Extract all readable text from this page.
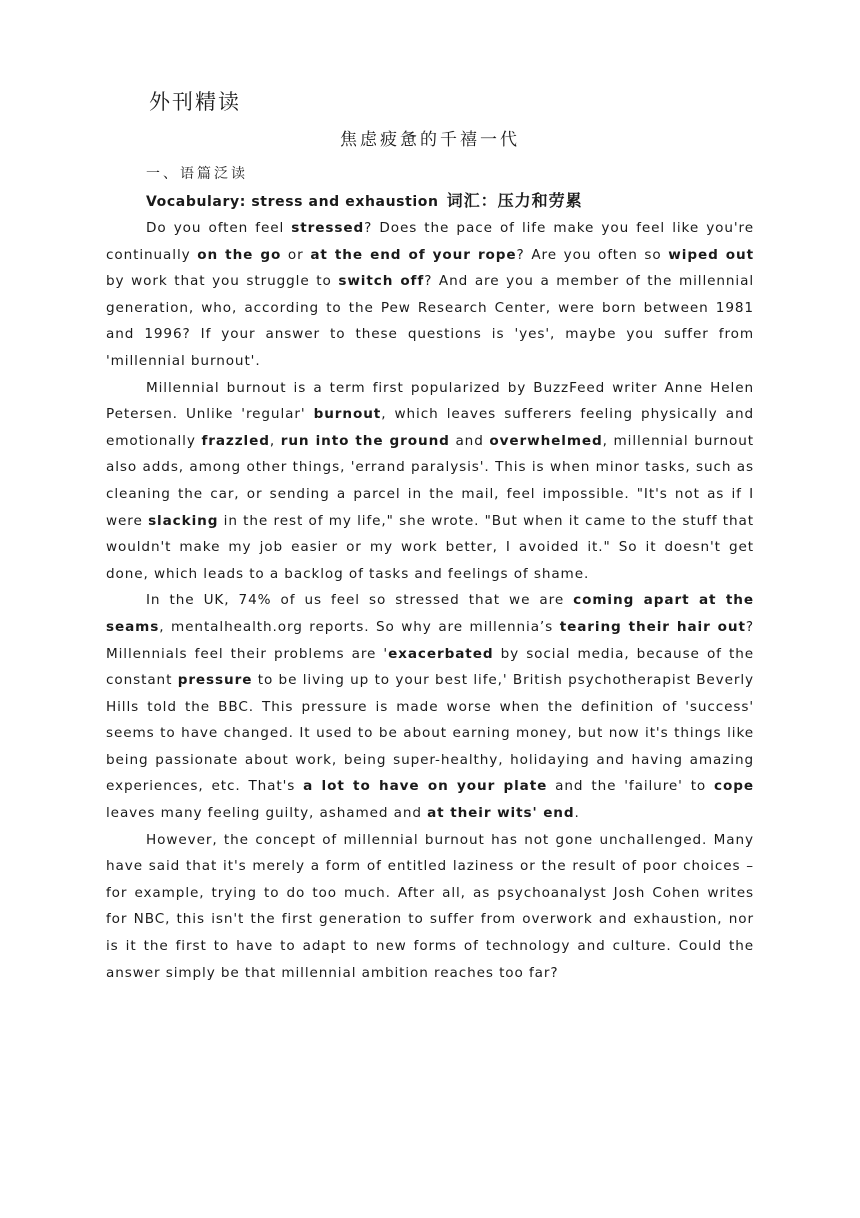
外刊精读
焦虑疲惫的千禧一代
一、语篇泛读
Vocabulary: stress and exhaustion 词汇：压力和劳累

Do you often feel stressed? Does the pace of life make you feel like you're continually on the go or at the end of your rope? Are you often so wiped out by work that you struggle to switch off? And are you a member of the millennial generation, who, according to the Pew Research Center, were born between 1981 and 1996? If your answer to these questions is 'yes', maybe you suffer from 'millennial burnout'.

Millennial burnout is a term first popularized by BuzzFeed writer Anne Helen Petersen. Unlike 'regular' burnout, which leaves sufferers feeling physically and emotionally frazzled, run into the ground and overwhelmed, millennial burnout also adds, among other things, 'errand paralysis'. This is when minor tasks, such as cleaning the car, or sending a parcel in the mail, feel impossible. "It's not as if I were slacking in the rest of my life," she wrote. "But when it came to the stuff that wouldn't make my job easier or my work better, I avoided it." So it doesn't get done, which leads to a backlog of tasks and feelings of shame.

In the UK, 74% of us feel so stressed that we are coming apart at the seams, mentalhealth.org reports. So why are millennia’s tearing their hair out? Millennials feel their problems are 'exacerbated by social media, because of the constant pressure to be living up to your best life,' British psychotherapist Beverly Hills told the BBC. This pressure is made worse when the definition of 'success' seems to have changed. It used to be about earning money, but now it's things like being passionate about work, being super-healthy, holidaying and having amazing experiences, etc. That's a lot to have on your plate and the 'failure' to cope leaves many feeling guilty, ashamed and at their wits' end.

However, the concept of millennial burnout has not gone unchallenged. Many have said that it's merely a form of entitled laziness or the result of poor choices – for example, trying to do too much. After all, as psychoanalyst Josh Cohen writes for NBC, this isn't the first generation to suffer from overwork and exhaustion, nor is it the first to have to adapt to new forms of technology and culture. Could the answer simply be that millennial ambition reaches too far?
